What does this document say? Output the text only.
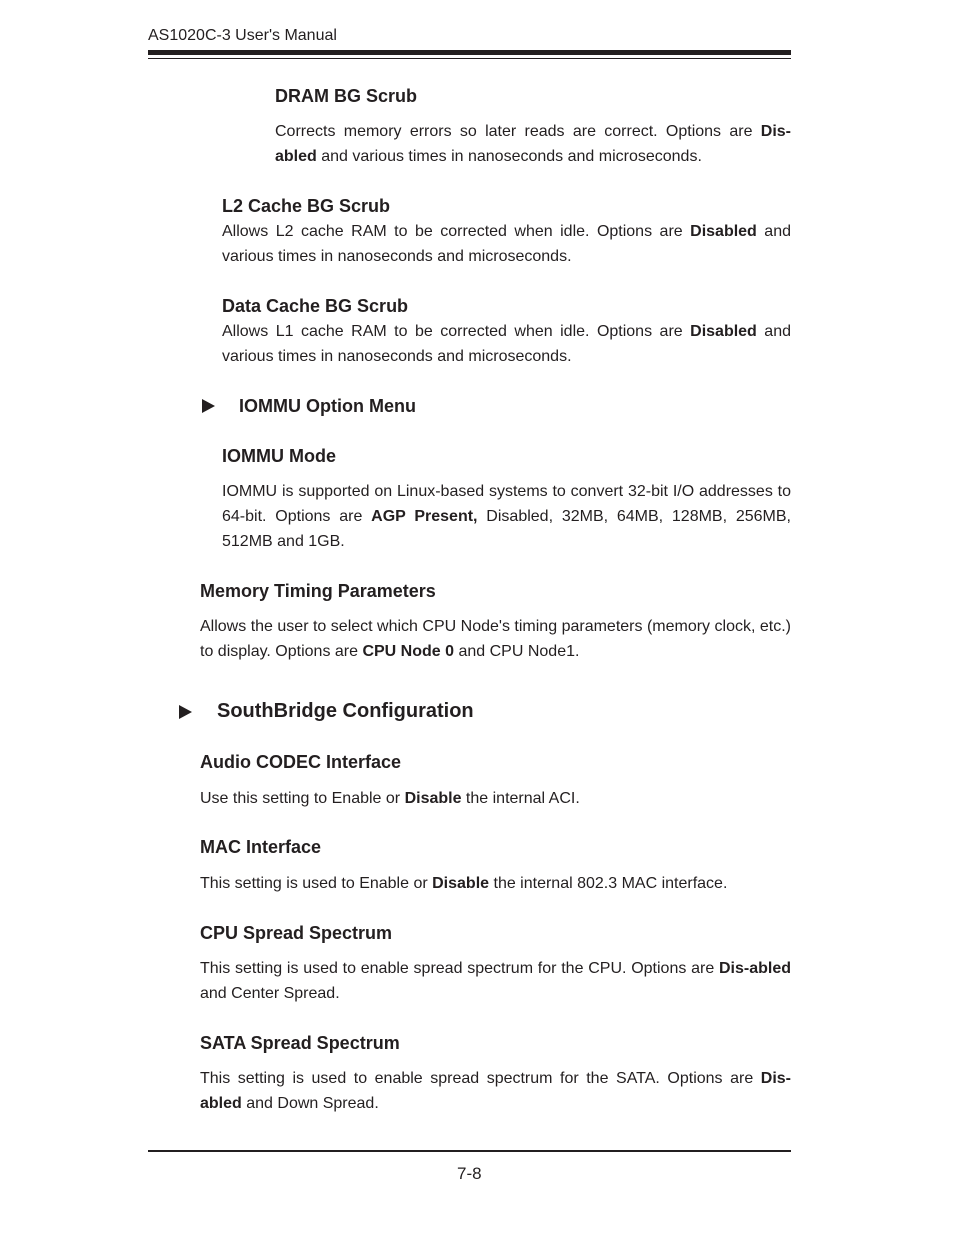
AS1020C-3 User's Manual
DRAM BG Scrub

Corrects memory errors so later reads are correct. Options are Dis-abled and various times in nanoseconds and microseconds.

L2 Cache BG Scrub

Allows L2 cache RAM to be corrected when idle. Options are Disabled and various times in nanoseconds and microseconds.

Data Cache BG Scrub

Allows L1 cache RAM to be corrected when idle. Options are Disabled and various times in nanoseconds and microseconds.

IOMMU Option Menu
IOMMU Mode

IOMMU is supported on Linux-based systems to convert 32-bit I/O addresses to 64-bit. Options are AGP Present, Disabled, 32MB, 64MB, 128MB, 256MB, 512MB and 1GB.

Memory Timing Parameters

Allows the user to select which CPU Node's timing parameters (memory clock, etc.) to display. Options are CPU Node 0 and CPU Node1.

SouthBridge Configuration
Audio CODEC Interface

Use this setting to Enable or Disable the internal ACI.

MAC Interface

This setting is used to Enable or Disable the internal 802.3 MAC interface.

CPU Spread Spectrum

This setting is used to enable spread spectrum for the CPU. Options are Dis-abled and Center Spread.

SATA Spread Spectrum

This setting is used to enable spread spectrum for the SATA. Options are Dis-abled and Down Spread.

7-8
